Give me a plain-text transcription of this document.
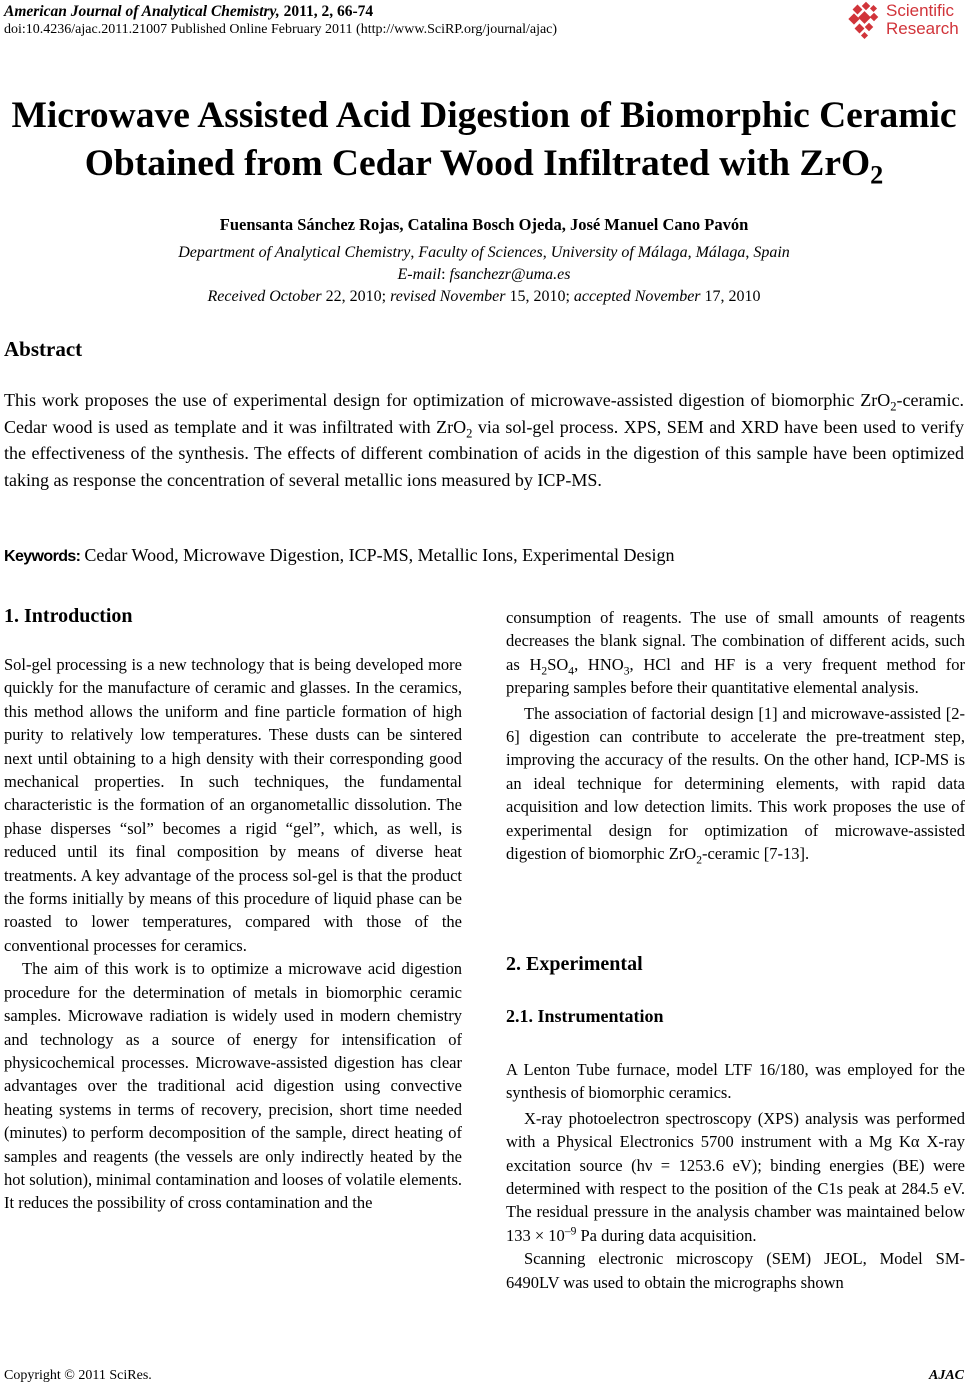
American Journal of Analytical Chemistry, 2011, 2, 66-74
doi:10.4236/ajac.2011.21007 Published Online February 2011 (http://www.SciRP.org/journal/ajac)
Scientific
Research
Microwave Assisted Acid Digestion of Biomorphic Ceramic
Obtained from Cedar Wood Infiltrated with ZrO$_2$
Fuensanta Sánchez Rojas, Catalina Bosch Ojeda, José Manuel Cano Pavón
Department of Analytical Chemistry, Faculty of Sciences, University of Málaga, Málaga, Spain
E-mail: fsanchezr@uma.es
Received October 22, 2010; revised November 15, 2010; accepted November 17, 2010
Abstract
This work proposes the use of experimental design for optimization of microwave-assisted digestion of biomorphic ZrO$_2$-ceramic. Cedar wood is used as template and it was infiltrated with ZrO$_2$ via sol-gel process. XPS, SEM and XRD have been used to verify the effectiveness of the synthesis. The effects of different combination of acids in the digestion of this sample have been optimized taking as response the concentration of several metallic ions measured by ICP-MS.
Keywords: Cedar Wood, Microwave Digestion, ICP-MS, Metallic Ions, Experimental Design
1. Introduction

Sol-gel processing is a new technology that is being developed more quickly for the manufacture of ceramic and glasses. In the ceramics, this method allows the uniform and fine particle formation of high purity to relatively low temperatures. These dusts can be sintered next until obtaining to a high density with their corresponding good mechanical properties. In such techniques, the fundamental characteristic is the formation of an organometallic dissolution. The phase disperses “sol” becomes a rigid “gel”, which, as well, is reduced until its final composition by means of diverse heat treatments. A key advantage of the process sol-gel is that the product the forms initially by means of this procedure of liquid phase can be roasted to lower temperatures, compared with those of the conventional processes for ceramics.

The aim of this work is to optimize a microwave acid digestion procedure for the determination of metals in biomorphic ceramic samples. Microwave radiation is widely used in modern chemistry and technology as a source of energy for intensification of physicochemical processes. Microwave-assisted digestion has clear advantages over the traditional acid digestion using convective heating systems in terms of recovery, precision, short time needed (minutes) to perform decomposition of the sample, direct heating of samples and reagents (the vessels are only indirectly heated by the hot solution), minimal contamination and looses of volatile elements. It reduces the possibility of cross contamination and the

consumption of reagents. The use of small amounts of reagents decreases the blank signal. The combination of different acids, such as $H_2SO_4$, $HNO_3$, HCl and HF is a very frequent method for preparing samples before their quantitative elemental analysis.

The association of factorial design [1] and microwave-assisted [2-6] digestion can contribute to accelerate the pre-treatment step, improving the accuracy of the results. On the other hand, ICP-MS is an ideal technique for determining elements, with rapid data acquisition and low detection limits. This work proposes the use of experimental design for optimization of microwave-assisted digestion of biomorphic ZrO$_2$-ceramic [7-13].

2. Experimental
2.1. Instrumentation

A Lenton Tube furnace, model LTF 16/180, was employed for the synthesis of biomorphic ceramics.

X-ray photoelectron spectroscopy (XPS) analysis was performed with a Physical Electronics 5700 instrument with a Mg Kα X-ray excitation source (hν = 1253.6 eV); binding energies (BE) were determined with respect to the position of the C1s peak at 284.5 eV. The residual pressure in the analysis chamber was maintained below $133 \times 10^{-9}$ Pa during data acquisition.

Scanning electronic microscopy (SEM) JEOL, Model SM-6490LV was used to obtain the micrographs shown

Copyright © 2011 SciRes.	AJAC
